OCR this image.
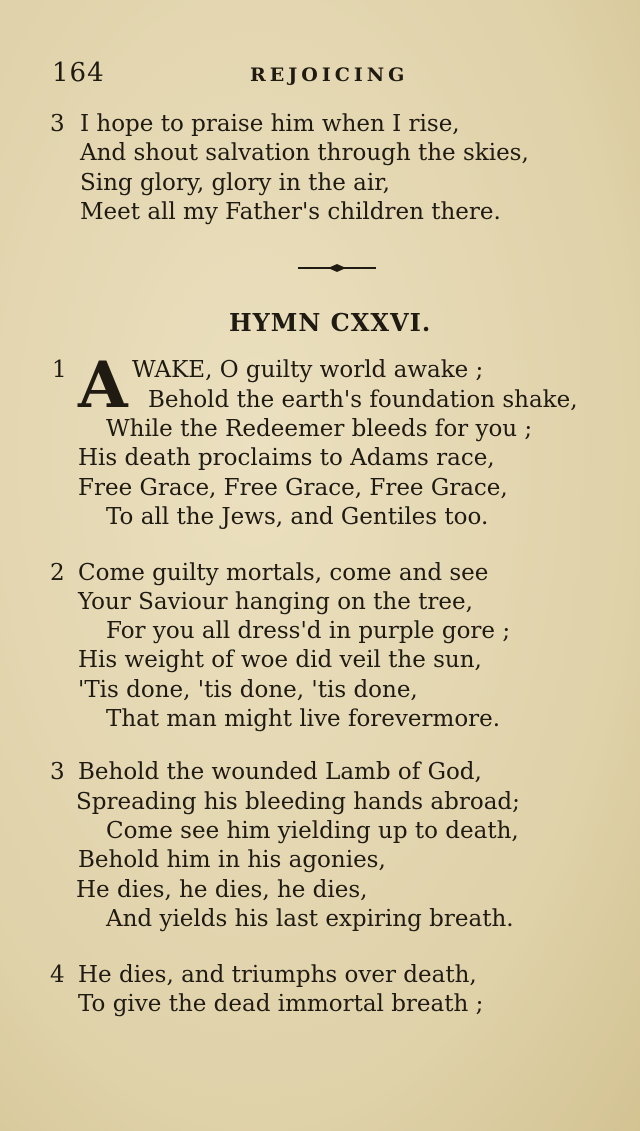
164	REJOICING
3 I hope to praise him when I rise,
And shout salvation through the skies,
Sing glory, glory in the air,
Meet all my Father's children there.
HYMN CXXVI.
1 A WAKE, O guilty world awake ;
Behold the earth's foundation shake,
While the Redeemer bleeds for you ;
His death proclaims to Adams race,
Free Grace, Free Grace, Free Grace,
To all the Jews, and Gentiles too.
2 Come guilty mortals, come and see
Your Saviour hanging on the tree,
For you all dress'd in purple gore ;
His weight of woe did veil the sun,
'Tis done, 'tis done, 'tis done,
That man might live forevermore.
3 Behold the wounded Lamb of God,
Spreading his bleeding hands abroad;
Come see him yielding up to death,
Behold him in his agonies,
He dies, he dies, he dies,
And yields his last expiring breath.
4 He dies, and triumphs over death,
To give the dead immortal breath ;
